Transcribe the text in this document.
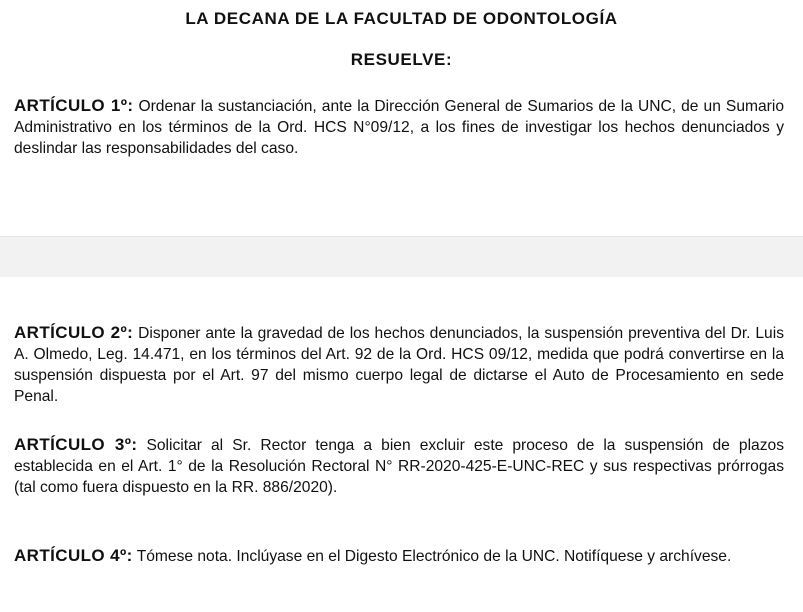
LA DECANA DE LA FACULTAD DE ODONTOLOGÍA

RESUELVE:

ARTÍCULO 1º: Ordenar la sustanciación, ante la Dirección General de Sumarios de la UNC, de un Sumario Administrativo en los términos de la Ord. HCS N°09/12, a los fines de investigar los hechos denunciados y deslindar las responsabilidades del caso.

ARTÍCULO 2º: Disponer ante la gravedad de los hechos denunciados, la suspensión preventiva del Dr. Luis A. Olmedo, Leg. 14.471, en los términos del Art. 92 de la Ord. HCS 09/12, medida que podrá convertirse en la suspensión dispuesta por el Art. 97 del mismo cuerpo legal de dictarse el Auto de Procesamiento en sede Penal.

ARTÍCULO 3º: Solicitar al Sr. Rector tenga a bien excluir este proceso de la suspensión de plazos establecida en el Art. 1° de la Resolución Rectoral N° RR-2020-425-E-UNC-REC y sus respectivas prórrogas (tal como fuera dispuesto en la RR. 886/2020).

ARTÍCULO 4º: Tómese nota. Inclúyase en el Digesto Electrónico de la UNC. Notifíquese y archívese.
